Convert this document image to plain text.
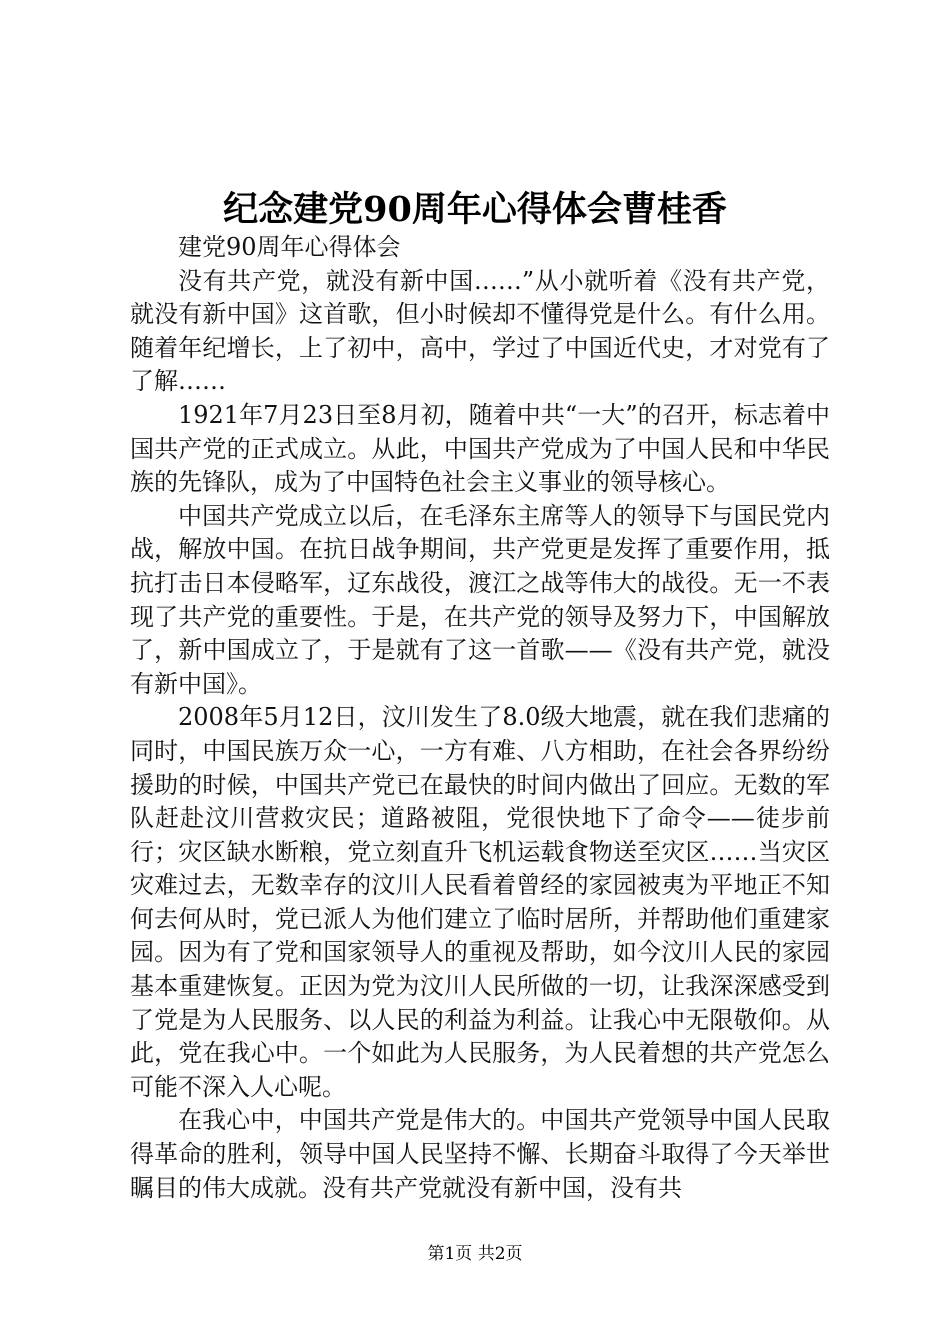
纪念建党90周年心得体会曹桂香

建党90周年心得体会

没有共产党，就没有新中国……”从小就听着《没有共产党，就没有新中国》这首歌，但小时候却不懂得党是什么。有什么用。随着年纪增长，上了初中，高中，学过了中国近代史，才对党有了了解……

1921年7月23日至8月初，随着中共“一大”的召开，标志着中国共产党的正式成立。从此，中国共产党成为了中国人民和中华民族的先锋队，成为了中国特色社会主义事业的领导核心。

中国共产党成立以后，在毛泽东主席等人的领导下与国民党内战，解放中国。在抗日战争期间，共产党更是发挥了重要作用，抵抗打击日本侵略军，辽东战役，渡江之战等伟大的战役。无一不表现了共产党的重要性。于是，在共产党的领导及努力下，中国解放了，新中国成立了，于是就有了这一首歌——《没有共产党，就没有新中国》。

2008年5月12日，汶川发生了8.0级大地震，就在我们悲痛的同时，中国民族万众一心，一方有难、八方相助，在社会各界纷纷援助的时候，中国共产党已在最快的时间内做出了回应。无数的军队赶赴汶川营救灾民；道路被阻，党很快地下了命令——徒步前行；灾区缺水断粮，党立刻直升飞机运载食物送至灾区……当灾区灾难过去，无数幸存的汶川人民看着曾经的家园被夷为平地正不知何去何从时，党已派人为他们建立了临时居所，并帮助他们重建家园。因为有了党和国家领导人的重视及帮助，如今汶川人民的家园基本重建恢复。正因为党为汶川人民所做的一切，让我深深感受到了党是为人民服务、以人民的利益为利益。让我心中无限敬仰。从此，党在我心中。一个如此为人民服务，为人民着想的共产党怎么可能不深入人心呢。

在我心中，中国共产党是伟大的。中国共产党领导中国人民取得革命的胜利，领导中国人民坚持不懈、长期奋斗取得了今天举世瞩目的伟大成就。没有共产党就没有新中国，没有共

第1页 共2页
